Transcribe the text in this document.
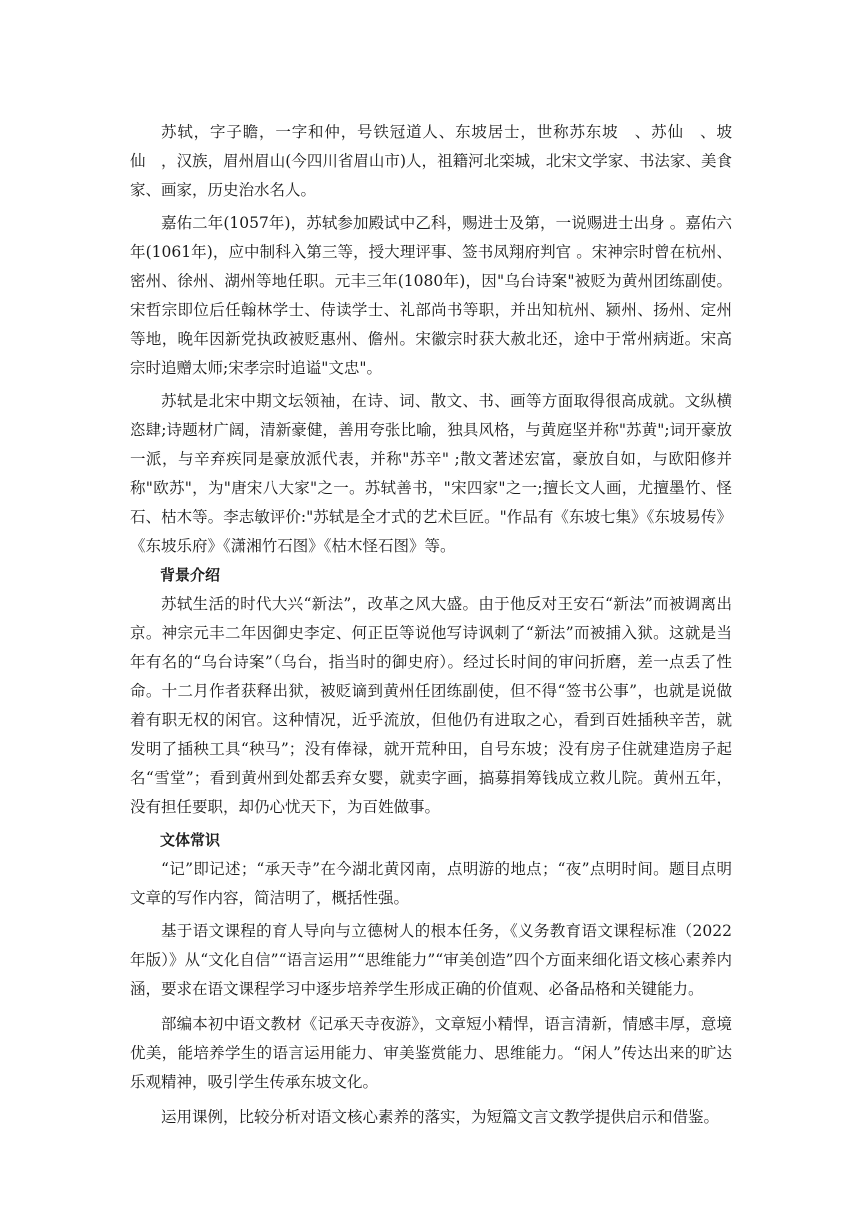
苏轼，字子瞻，一字和仲，号铁冠道人、东坡居士，世称苏东坡　、苏仙　、坡仙　，汉族，眉州眉山(今四川省眉山市)人，祖籍河北栾城，北宋文学家、书法家、美食家、画家，历史治水名人。

嘉佑二年(1057年)，苏轼参加殿试中乙科，赐进士及第，一说赐进士出身 。嘉佑六年(1061年)，应中制科入第三等，授大理评事、签书凤翔府判官 。宋神宗时曾在杭州、密州、徐州、湖州等地任职。元丰三年(1080年)，因"乌台诗案"被贬为黄州团练副使。宋哲宗即位后任翰林学士、侍读学士、礼部尚书等职，并出知杭州、颍州、扬州、定州等地，晚年因新党执政被贬惠州、儋州。宋徽宗时获大赦北还，途中于常州病逝。宋高宗时追赠太师;宋孝宗时追谥"文忠"。

苏轼是北宋中期文坛领袖，在诗、词、散文、书、画等方面取得很高成就。文纵横恣肆;诗题材广阔，清新豪健，善用夸张比喻，独具风格，与黄庭坚并称"苏黄";词开豪放一派，与辛弃疾同是豪放派代表，并称"苏辛" ;散文著述宏富，豪放自如，与欧阳修并称"欧苏"，为"唐宋八大家"之一。苏轼善书，"宋四家"之一;擅长文人画，尤擅墨竹、怪石、枯木等。李志敏评价:"苏轼是全才式的艺术巨匠。"作品有《东坡七集》《东坡易传》《东坡乐府》《潇湘竹石图》《枯木怪石图》等。

背景介绍

苏轼生活的时代大兴“新法”，改革之风大盛。由于他反对王安石“新法”而被调离出京。神宗元丰二年因御史李定、何正臣等说他写诗讽刺了“新法”而被捕入狱。这就是当年有名的“乌台诗案”（乌台，指当时的御史府）。经过长时间的审问折磨，差一点丢了性命。十二月作者获释出狱，被贬谪到黄州任团练副使，但不得“签书公事”，也就是说做着有职无权的闲官。这种情况，近乎流放，但他仍有进取之心，看到百姓插秧辛苦，就发明了插秧工具“秧马”；没有俸禄，就开荒种田，自号东坡；没有房子住就建造房子起名“雪堂”；看到黄州到处都丢弃女婴，就卖字画，搞募捐筹钱成立救儿院。黄州五年，没有担任要职，却仍心忧天下，为百姓做事。

文体常识

“记”即记述；“承天寺”在今湖北黄冈南，点明游的地点；“夜”点明时间。题目点明文章的写作内容，简洁明了，概括性强。

基于语文课程的育人导向与立德树人的根本任务，《义务教育语文课程标准（2022年版）》从“文化自信”“语言运用”“思维能力”“审美创造”四个方面来细化语文核心素养内涵，要求在语文课程学习中逐步培养学生形成正确的价值观、必备品格和关键能力。

部编本初中语文教材《记承天寺夜游》，文章短小精悍，语言清新，情感丰厚，意境优美，能培养学生的语言运用能力、审美鉴赏能力、思维能力。“闲人”传达出来的旷达乐观精神，吸引学生传承东坡文化。

运用课例，比较分析对语文核心素养的落实，为短篇文言文教学提供启示和借鉴。
